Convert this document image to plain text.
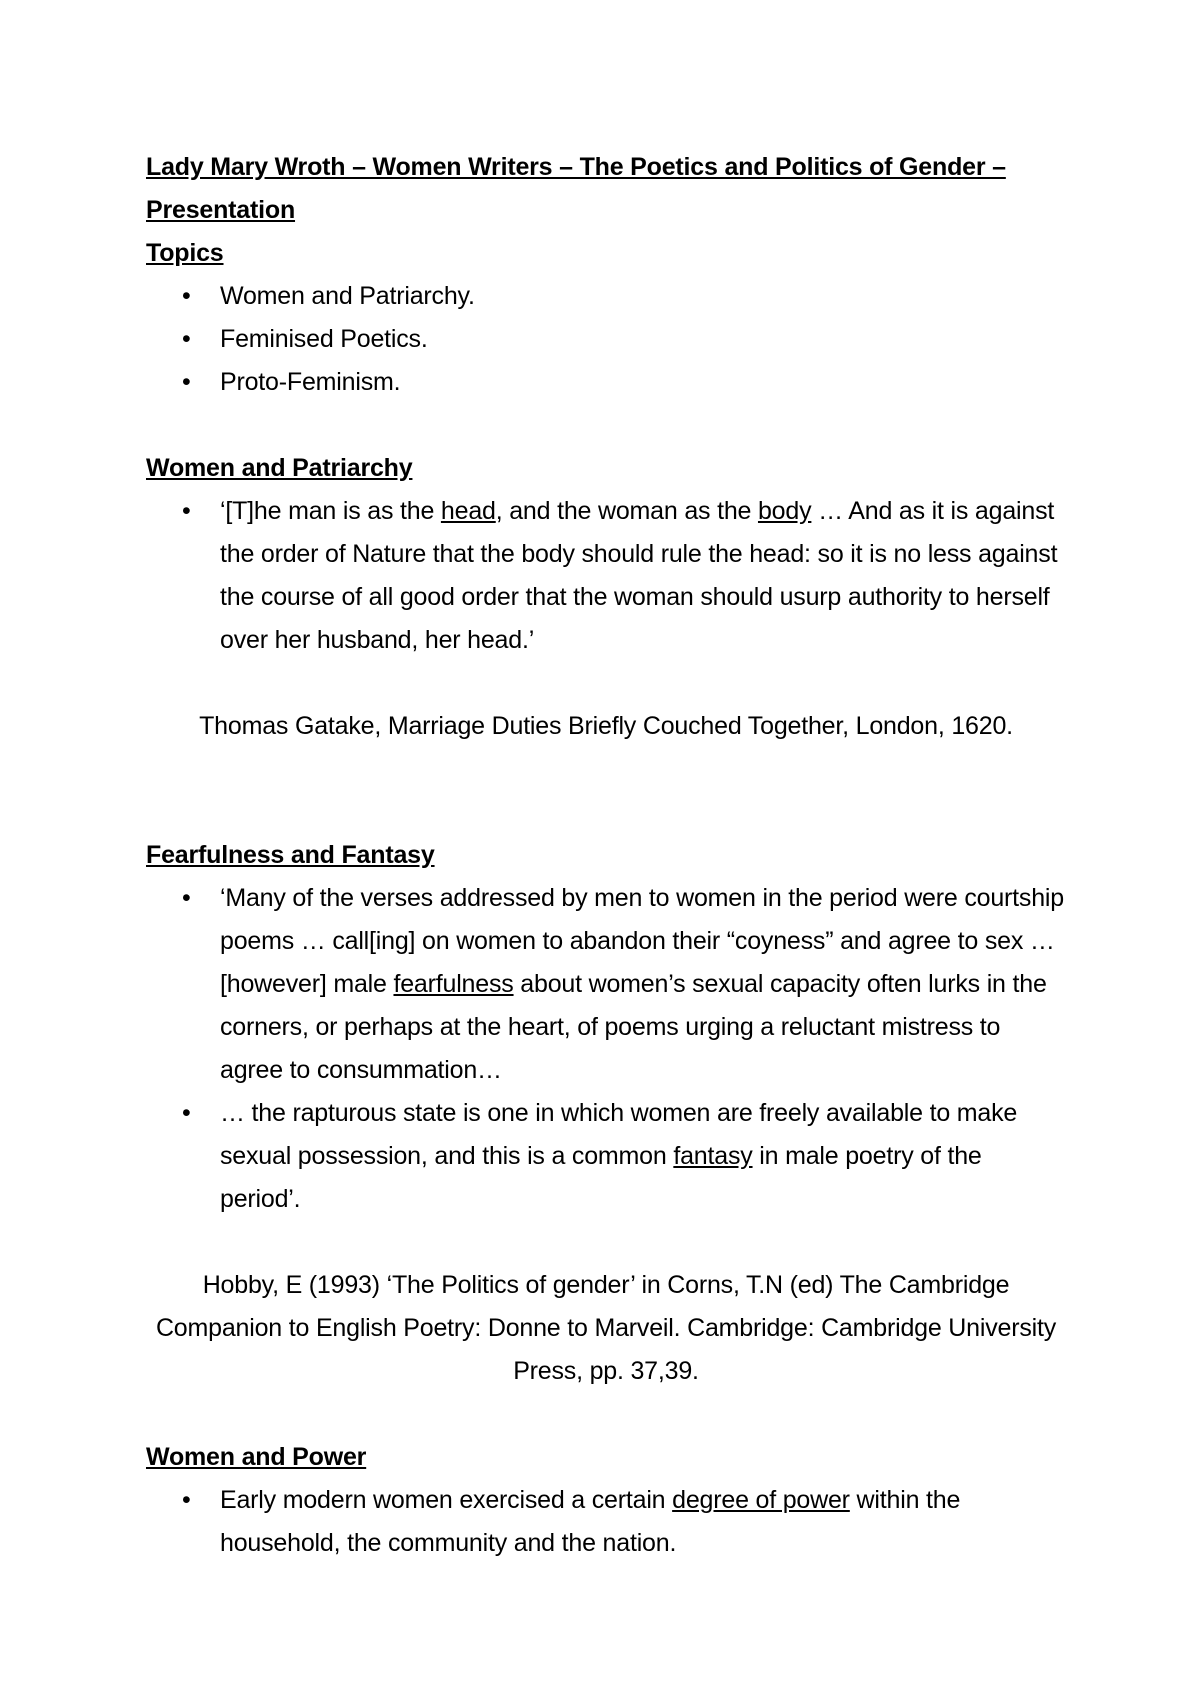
Lady Mary Wroth – Women Writers – The Poetics and Politics of Gender – Presentation
Topics
• Women and Patriarchy.
• Feminised Poetics.
• Proto-Feminism.
Women and Patriarchy
• ‘[T]he man is as the head, and the woman as the body … And as it is against the order of Nature that the body should rule the head: so it is no less against the course of all good order that the woman should usurp authority to herself over her husband, her head.’
Thomas Gatake, Marriage Duties Briefly Couched Together, London, 1620.
Fearfulness and Fantasy
• ‘Many of the verses addressed by men to women in the period were courtship poems … call[ing] on women to abandon their “coyness” and agree to sex … [however] male fearfulness about women’s sexual capacity often lurks in the corners, or perhaps at the heart, of poems urging a reluctant mistress to agree to consummation…
• … the rapturous state is one in which women are freely available to make sexual possession, and this is a common fantasy in male poetry of the period’.
Hobby, E (1993) ‘The Politics of gender’ in Corns, T.N (ed) The Cambridge Companion to English Poetry: Donne to Marveil. Cambridge: Cambridge University Press, pp. 37,39.
Women and Power
• Early modern women exercised a certain degree of power within the household, the community and the nation.
